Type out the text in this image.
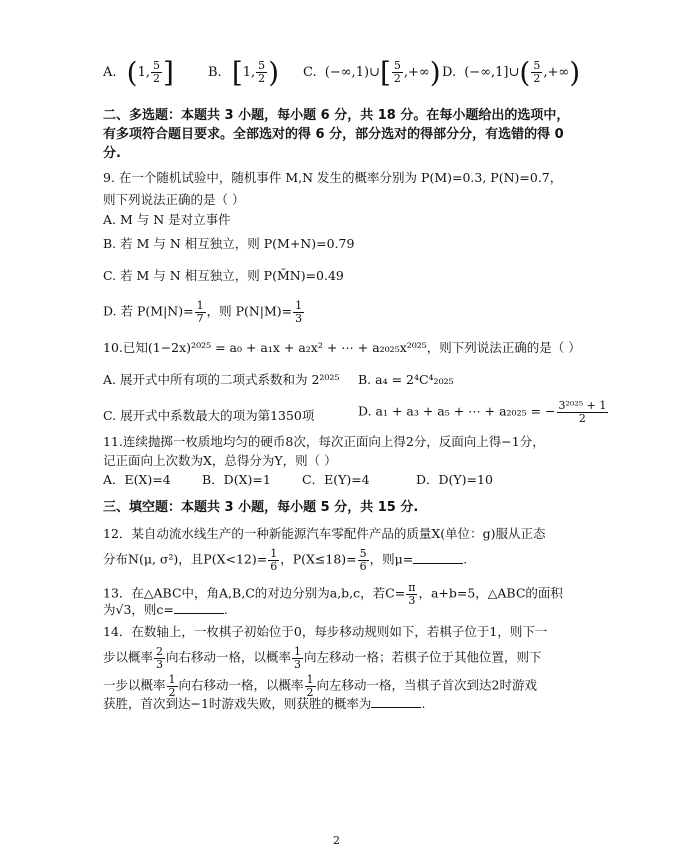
A. (1, $\frac{5}{2}$ ]	B. [1, $\frac{5}{2}$ ) C. (−∞,1)∪[ $\frac{5}{2}$ ,+∞) D. (−∞,1]∪( $\frac{5}{2}$ ,+∞)
二、多选题：本题共 3 小题，每小题 6 分，共 18 分。在每小题给出的选项中，
有多项符合题目要求。全部选对的得 6 分，部分选对的得部分分，有选错的得 0
分.
9. 在一个随机试验中，随机事件 M,N 发生的概率分别为 P(M)=0.3, P(N)=0.7，
则下列说法正确的是（ ）
A. M 与 N 是对立事件
B. 若 M 与 N 相互独立，则 P(M+N)=0.79
C. 若 M 与 N 相互独立，则 P(M̄N)=0.49
D. 若 $P(M|N)= \frac{1}{7}$ ，则 $P(N|M)= \frac{1}{3}$
10.已知(1−2x)²⁰²⁵ = a₀ + a₁x + a₂x² + ⋯ + a₂₀₂₅x²⁰²⁵，则下列说法正确的是（ ）
A. 展开式中所有项的二项式系数和为 2²⁰²⁵ B. a₄ = 2⁴C⁴₂₀₂₅
C. 展开式中系数最大的项为第1350项	D. a₁ + a₃ + a₅ + ⋯ + a₂₀₂₅ = − $\frac{\text{3²⁰²⁵ + 1}}{2}$
11.连续抛掷一枚质地均匀的硬币8次，每次正面向上得2分，反面向上得−1分，
记正面向上次数为X，总得分为Y，则（ ）
A．E(X)=4	B．D(X)=1 C．E(Y)=4	D．D(Y)=10
三、填空题：本题共 3 小题，每小题 5 分，共 15 分.
12．某自动流水线生产的一种新能源汽车零配件产品的质量X(单位：g)服从正态
分布N(μ, σ²)，且$P(X<12)= \frac{1}{6}$ ，$P(X\le 18)= \frac{5}{6}$ ，则μ=	.
13．在△ABC中，角A,B,C的对边分别为a,b,c，若$C= \frac{\pi}{3}$ ，a+b=5，△ABC的面积
为√3，则c=	.
14．在数轴上，一枚棋子初始位于0，每步移动规则如下，若棋子位于1，则下一
步以概率 $\frac{2}{3}$ 向右移动一格，以概率 $\frac{1}{3}$ 向左移动一格；若棋子位于其他位置，则下
一步以概率 $\frac{1}{2}$ 向右移动一格，以概率 $\frac{1}{2}$ 向左移动一格，当棋子首次到达2时游戏
获胜，首次到达−1时游戏失败，则获胜的概率为	.
2
